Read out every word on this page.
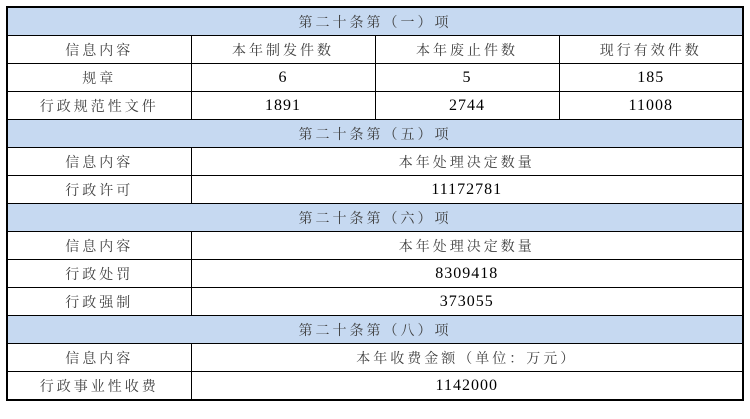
第二十条第（一）项			
信息内容	本年制发件数	本年废止件数	现行有效件数
规章	6	5	185
行政规范性文件	1891	2744	11008
第二十条第（五）项			
信息内容	本年处理决定数量		
行政许可	11172781		
第二十条第（六）项			
信息内容	本年处理决定数量		
行政处罚	8309418		
行政强制	373055		
第二十条第（八）项			
信息内容	本年收费金额（单位：万元）		
行政事业性收费	1142000		
